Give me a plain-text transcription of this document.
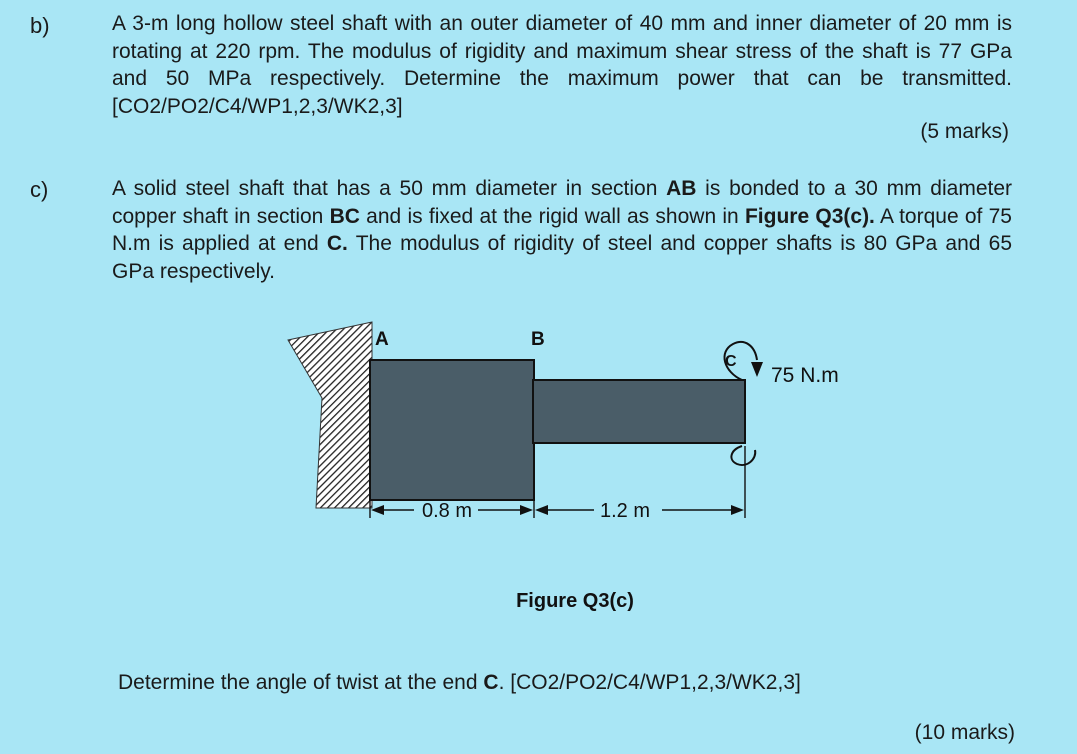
b)	A 3-m long hollow steel shaft with an outer diameter of 40 mm and inner diameter of 20 mm is rotating at 220 rpm. The modulus of rigidity and maximum shear stress of the shaft is 77 GPa and 50 MPa respectively. Determine the maximum power that can be transmitted. [CO2/PO2/C4/WP1,2,3/WK2,3]
(5 marks)
c)	A solid steel shaft that has a 50 mm diameter in section AB is bonded to a 30 mm diameter copper shaft in section BC and is fixed at the rigid wall as shown in Figure Q3(c). A torque of 75 N.m is applied at end C. The modulus of rigidity of steel and copper shafts is 80 GPa and 65 GPa respectively.
A	B
C
75 N.m
0.8 m	1.2 m
Figure Q3(c)
Determine the angle of twist at the end C. [CO2/PO2/C4/WP1,2,3/WK2,3]
(10 marks)
